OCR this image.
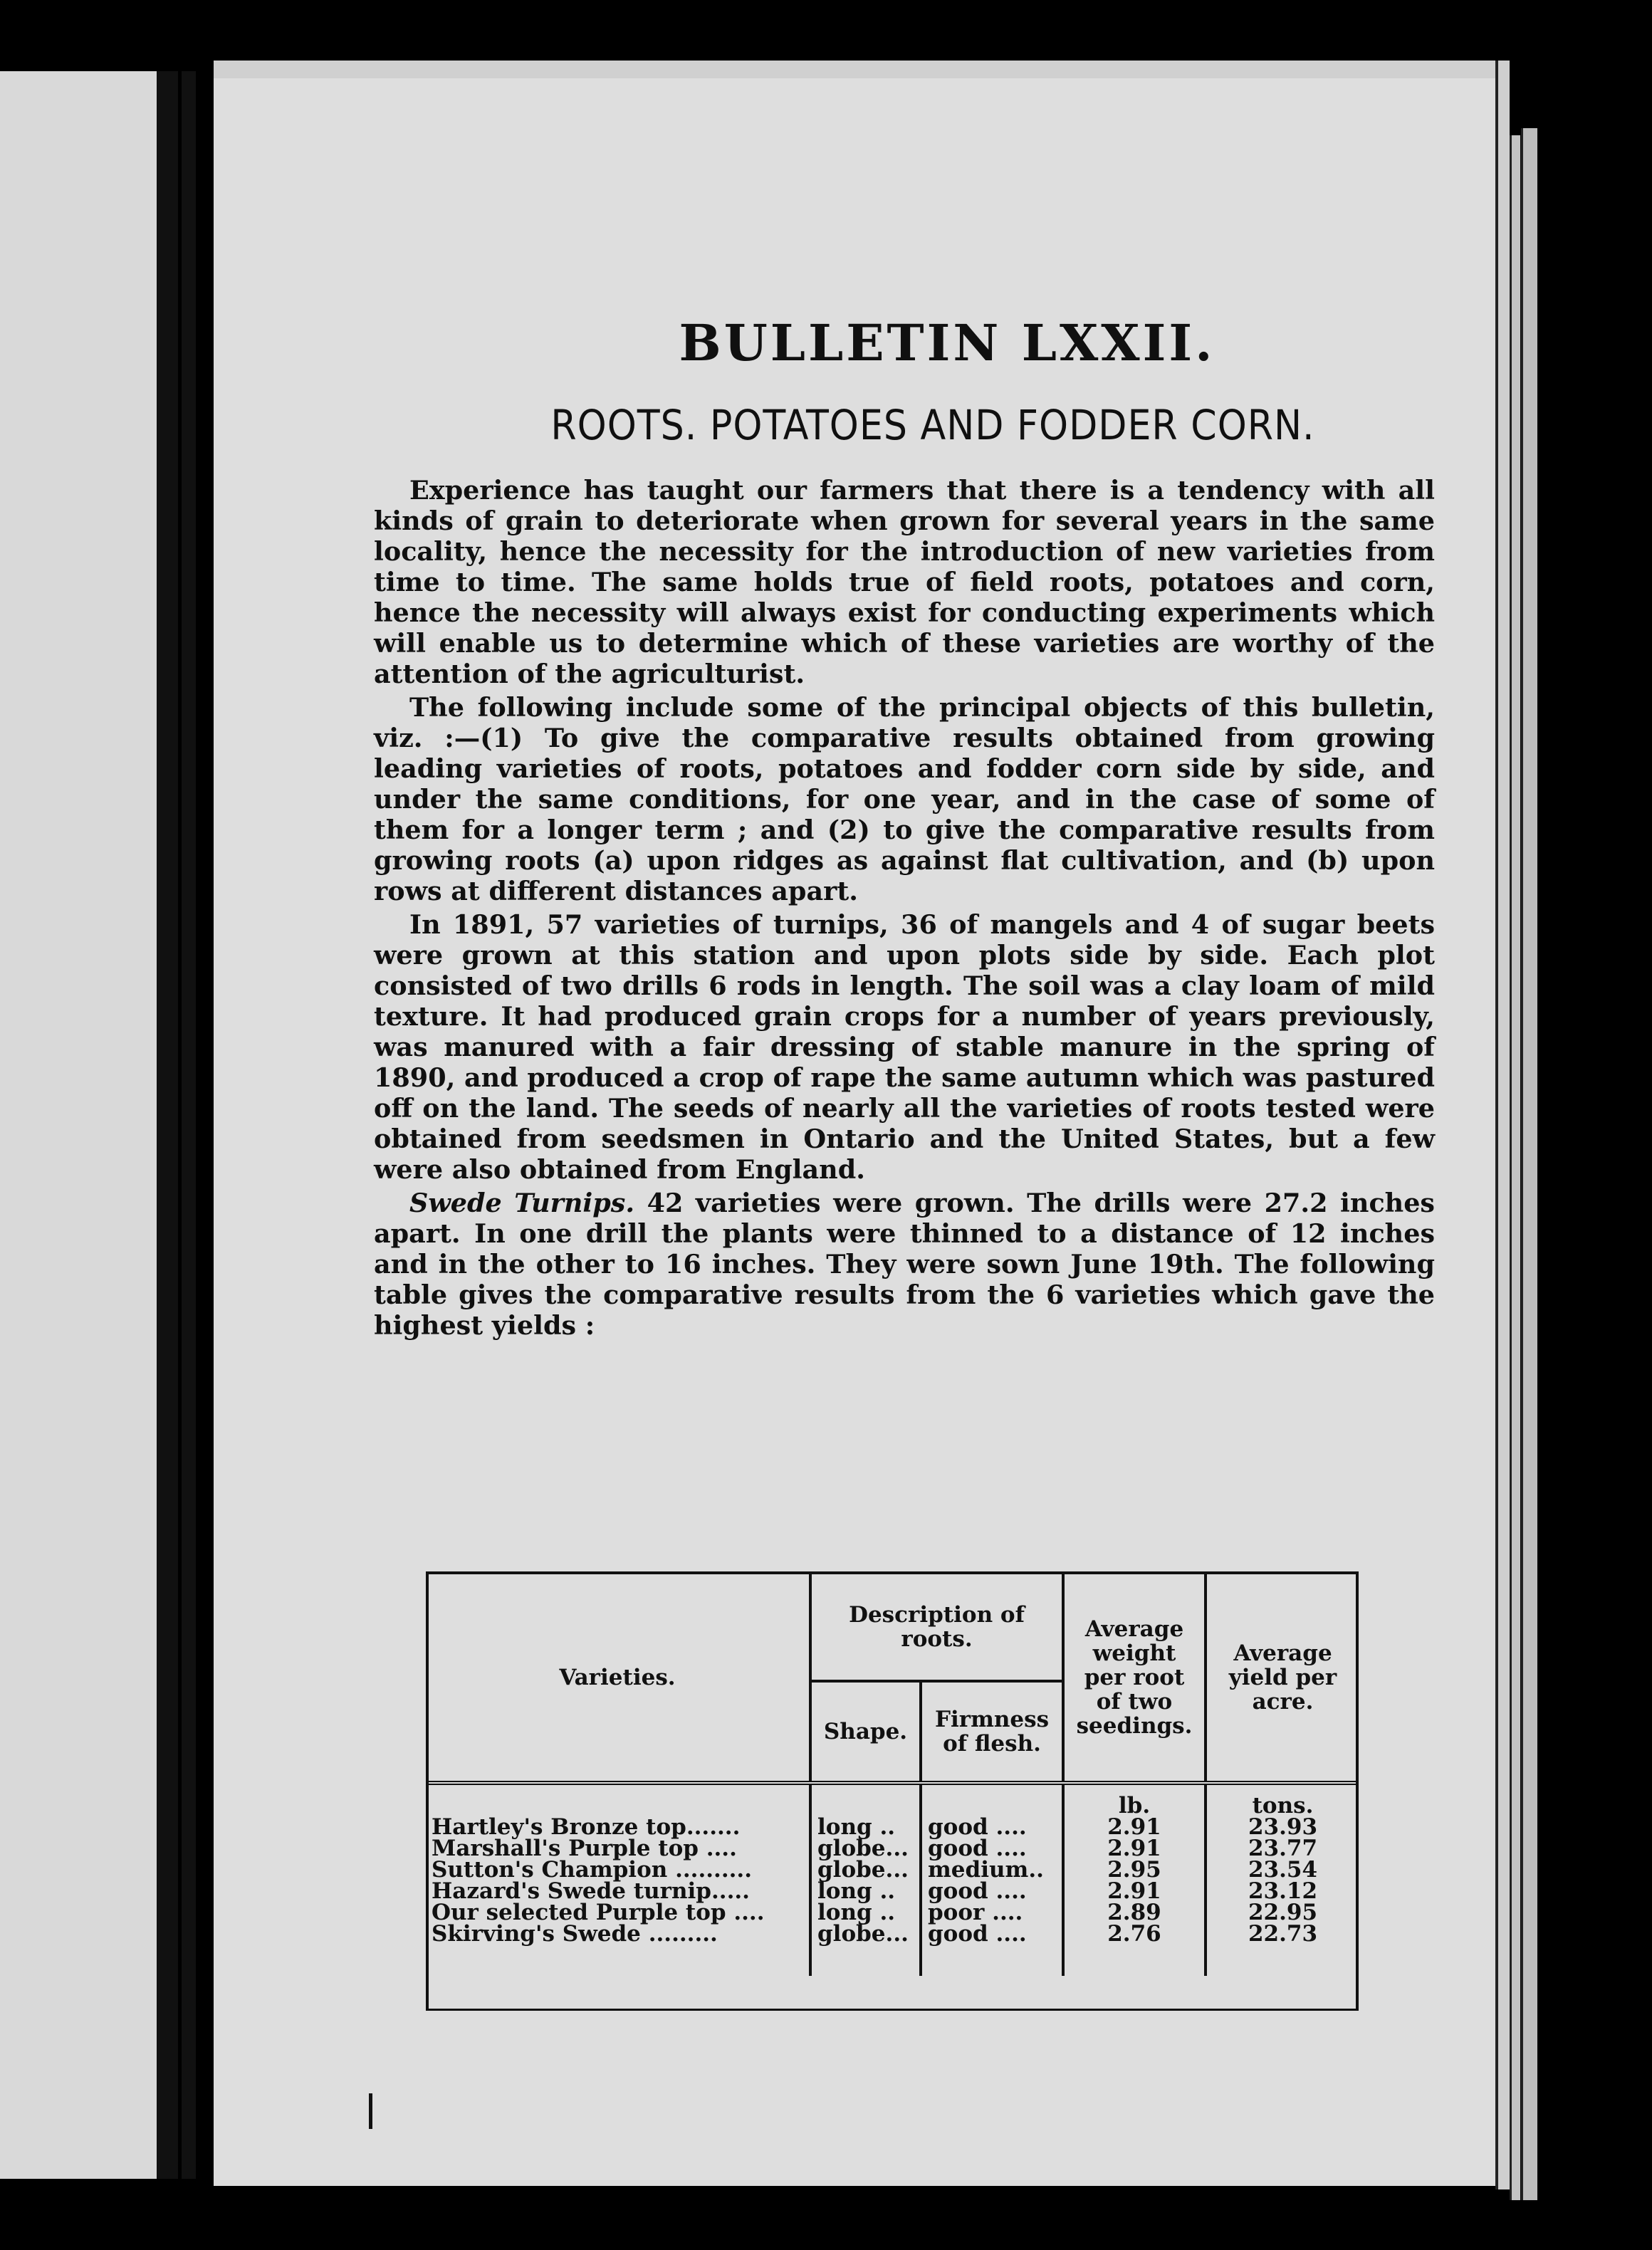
BULLETIN LXXII.
ROOTS. POTATOES AND FODDER CORN.

Experience has taught our farmers that there is a tendency with all kinds of grain to deteriorate when grown for several years in the same locality, hence the necessity for the introduction of new varieties from time to time. The same holds true of field roots, potatoes and corn, hence the necessity will always exist for conducting experiments which will enable us to determine which of these varieties are worthy of the attention of the agriculturist.

The following include some of the principal objects of this bulletin, viz. :—(1) To give the comparative results obtained from growing leading varieties of roots, potatoes and fodder corn side by side, and under the same conditions, for one year, and in the case of some of them for a longer term ; and (2) to give the comparative results from growing roots (a) upon ridges as against flat cultivation, and (b) upon rows at different distances apart.

In 1891, 57 varieties of turnips, 36 of mangels and 4 of sugar beets were grown at this station and upon plots side by side. Each plot consisted of two drills 6 rods in length. The soil was a clay loam of mild texture. It had produced grain crops for a number of years previously, was manured with a fair dressing of stable manure in the spring of 1890, and produced a crop of rape the same autumn which was pastured off on the land. The seeds of nearly all the varieties of roots tested were obtained from seedsmen in Ontario and the United States, but a few were also obtained from England.

Swede Turnips. 42 varieties were grown. The drills were 27.2 inches apart. In one drill the plants were thinned to a distance of 12 inches and in the other to 16 inches. They were sown June 19th. The following table gives the comparative results from the 6 varieties which gave the highest yields :

Varieties.	Description of roots.		Average weight per root of two seedings.	Average yield per acre.
	Shape.	Firmness of flesh.		
			lb.	tons.
Hartley's Bronze top.......	long ..	good ....	2.91	23.93
Marshall's Purple top ....	globe...	good ....	2.91	23.77
Sutton's Champion ..........	globe...	medium..	2.95	23.54
Hazard's Swede turnip.....	long ..	good ....	2.91	23.12
Our selected Purple top ....	long ..	poor ....	2.89	22.95
Skirving's Swede .........	globe...	good ....	2.76	22.73
